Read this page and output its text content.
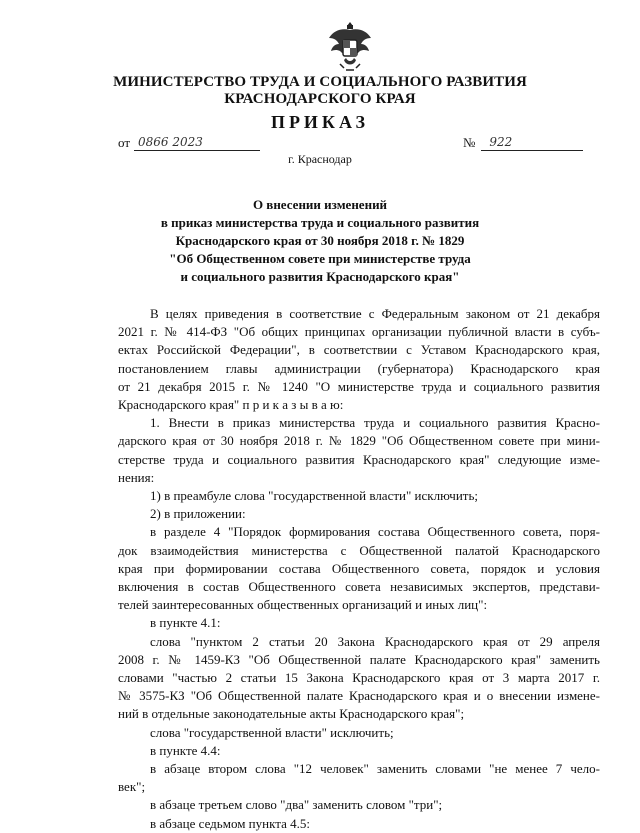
МИНИСТЕРСТВО ТРУДА И СОЦИАЛЬНОГО РАЗВИТИЯ
КРАСНОДАРСКОГО КРАЯ
ПРИКАЗ
от 0866 2023	№	922
г. Краснодар
О внесении изменений
в приказ министерства труда и социального развития
Краснодарского края от 30 ноября 2018 г. № 1829
"Об Общественном совете при министерстве труда
и социального развития Краснодарского края"
В целях приведения в соответствие с Федеральным законом от 21 декабря
2021 г. № 414-ФЗ "Об общих принципах организации публичной власти в субъ-
ектах Российской Федерации", в соответствии с Уставом Краснодарского края,
постановлением главы администрации (губернатора) Краснодарского края
от 21 декабря 2015 г. № 1240 "О министерстве труда и социального развития
Краснодарского края" п р и к а з ы в а ю:
1. Внести в приказ министерства труда и социального развития Красно-
дарского края от 30 ноября 2018 г. № 1829 "Об Общественном совете при мини-
стерстве труда и социального развития Краснодарского края" следующие изме-
нения:
1) в преамбуле слова "государственной власти" исключить;
2) в приложении:
в разделе 4 "Порядок формирования состава Общественного совета, поря-
док взаимодействия министерства с Общественной палатой Краснодарского
края при формировании состава Общественного совета, порядок и условия
включения в состав Общественного совета независимых экспертов, представи-
телей заинтересованных общественных организаций и иных лиц":
в пункте 4.1:
слова "пунктом 2 статьи 20 Закона Краснодарского края от 29 апреля
2008 г. № 1459-КЗ "Об Общественной палате Краснодарского края" заменить
словами "частью 2 статьи 15 Закона Краснодарского края от 3 марта 2017 г.
№ 3575-КЗ "Об Общественной палате Краснодарского края и о внесении измене-
ний в отдельные законодательные акты Краснодарского края";
слова "государственной власти" исключить;
в пункте 4.4:
в абзаце втором слова "12 человек" заменить словами "не менее 7 чело-
век";
в абзаце третьем слово "два" заменить словом "три";
в абзаце седьмом пункта 4.5:
